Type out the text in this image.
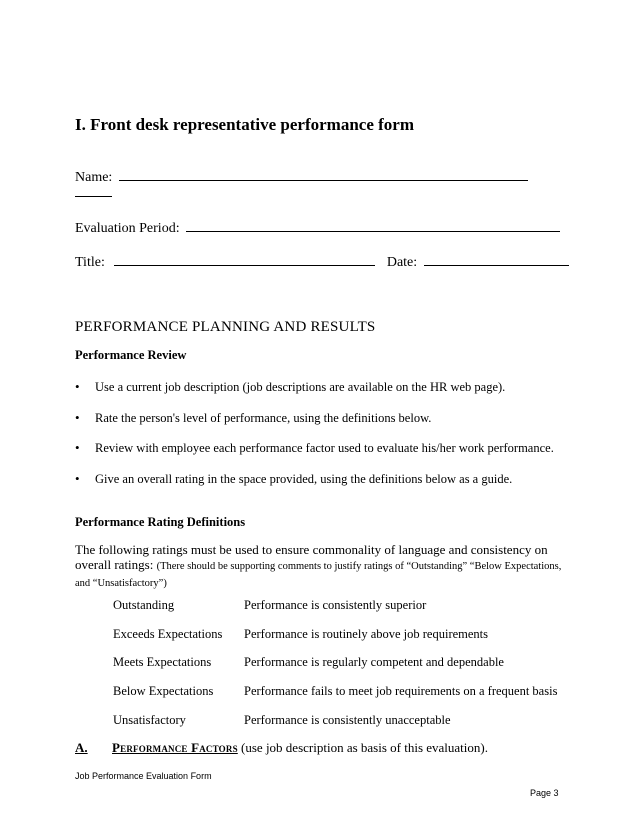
I. Front desk representative performance form
Name:
Evaluation Period:
Title:	Date:
PERFORMANCE PLANNING AND RESULTS
Performance Review
•	Use a current job description (job descriptions are available on the HR web page).
•	Rate the person's level of performance, using the definitions below.
•	Review with employee each performance factor used to evaluate his/her work performance.
•	Give an overall rating in the space provided, using the definitions below as a guide.
Performance Rating Definitions
The following ratings must be used to ensure commonality of language and consistency on overall ratings: (There should be supporting comments to justify ratings of “Outstanding” “Below Expectations, and “Unsatisfactory”)
Outstanding	Performance is consistently superior
Exceeds Expectations	Performance is routinely above job requirements
Meets Expectations	Performance is regularly competent and dependable
Below Expectations	Performance fails to meet job requirements on a frequent basis
Unsatisfactory	Performance is consistently unacceptable
A. Performance Factors (use job description as basis of this evaluation).
Job Performance Evaluation Form
Page 3
